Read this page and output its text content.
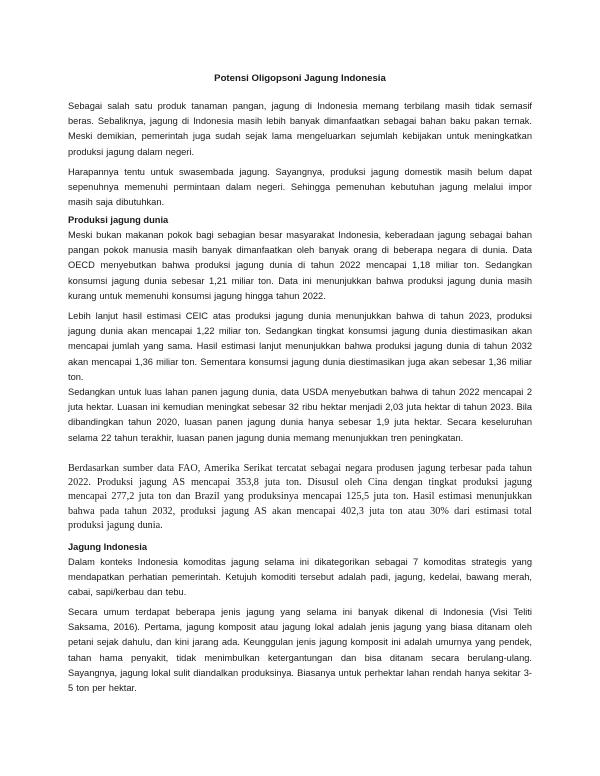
Potensi Oligopsoni Jagung Indonesia

Sebagai salah satu produk tanaman pangan, jagung di Indonesia memang terbilang masih tidak semasif beras. Sebaliknya, jagung di Indonesia masih lebih banyak dimanfaatkan sebagai bahan baku pakan ternak. Meski demikian, pemerintah juga sudah sejak lama mengeluarkan sejumlah kebijakan untuk meningkatkan produksi jagung dalam negeri.

Harapannya tentu untuk swasembada jagung. Sayangnya, produksi jagung domestik masih belum dapat sepenuhnya memenuhi permintaan dalam negeri. Sehingga pemenuhan kebutuhan jagung melalui impor masih saja dibutuhkan.

Produksi jagung dunia

Meski bukan makanan pokok bagi sebagian besar masyarakat Indonesia, keberadaan jagung sebagai bahan pangan pokok manusia masih banyak dimanfaatkan oleh banyak orang di beberapa negara di dunia. Data OECD menyebutkan bahwa produksi jagung dunia di tahun 2022 mencapai 1,18 miliar ton. Sedangkan konsumsi jagung dunia sebesar 1,21 miliar ton. Data ini menunjukkan bahwa produksi jagung dunia masih kurang untuk memenuhi konsumsi jagung hingga tahun 2022.

Lebih lanjut hasil estimasi CEIC atas produksi jagung dunia menunjukkan bahwa di tahun 2023, produksi jagung dunia akan mencapai 1,22 miliar ton. Sedangkan tingkat konsumsi jagung dunia diestimasikan akan mencapai jumlah yang sama. Hasil estimasi lanjut menunjukkan bahwa produksi jagung dunia di tahun 2032 akan mencapai 1,36 miliar ton. Sementara konsumsi jagung dunia diestimasikan juga akan sebesar 1,36 miliar ton.

Sedangkan untuk luas lahan panen jagung dunia, data USDA menyebutkan bahwa di tahun 2022 mencapai 2 juta hektar. Luasan ini kemudian meningkat sebesar 32 ribu hektar menjadi 2,03 juta hektar di tahun 2023. Bila dibandingkan tahun 2020, luasan panen jagung dunia hanya sebesar 1,9 juta hektar. Secara keseluruhan selama 22 tahun terakhir, luasan panen jagung dunia memang menunjukkan tren peningkatan.

Berdasarkan sumber data FAO, Amerika Serikat tercatat sebagai negara produsen jagung terbesar pada tahun 2022. Produksi jagung AS mencapai 353,8 juta ton. Disusul oleh Cina dengan tingkat produksi jagung mencapai 277,2 juta ton dan Brazil yang produksinya mencapai 125,5 juta ton. Hasil estimasi menunjukkan bahwa pada tahun 2032, produksi jagung AS akan mencapai 402,3 juta ton atau 30% dari estimasi total produksi jagung dunia.

Jagung Indonesia

Dalam konteks Indonesia komoditas jagung selama ini dikategorikan sebagai 7 komoditas strategis yang mendapatkan perhatian pemerintah. Ketujuh komoditi tersebut adalah padi, jagung, kedelai, bawang merah, cabai, sapi/kerbau dan tebu.

Secara umum terdapat beberapa jenis jagung yang selama ini banyak dikenal di Indonesia (Visi Teliti Saksama, 2016). Pertama, jagung komposit atau jagung lokal adalah jenis jagung yang biasa ditanam oleh petani sejak dahulu, dan kini jarang ada. Keunggulan jenis jagung komposit ini adalah umurnya yang pendek, tahan hama penyakit, tidak menimbulkan ketergantungan dan bisa ditanam secara berulang-ulang. Sayangnya, jagung lokal sulit diandalkan produksinya. Biasanya untuk perhektar lahan rendah hanya sekitar 3-5 ton per hektar.
